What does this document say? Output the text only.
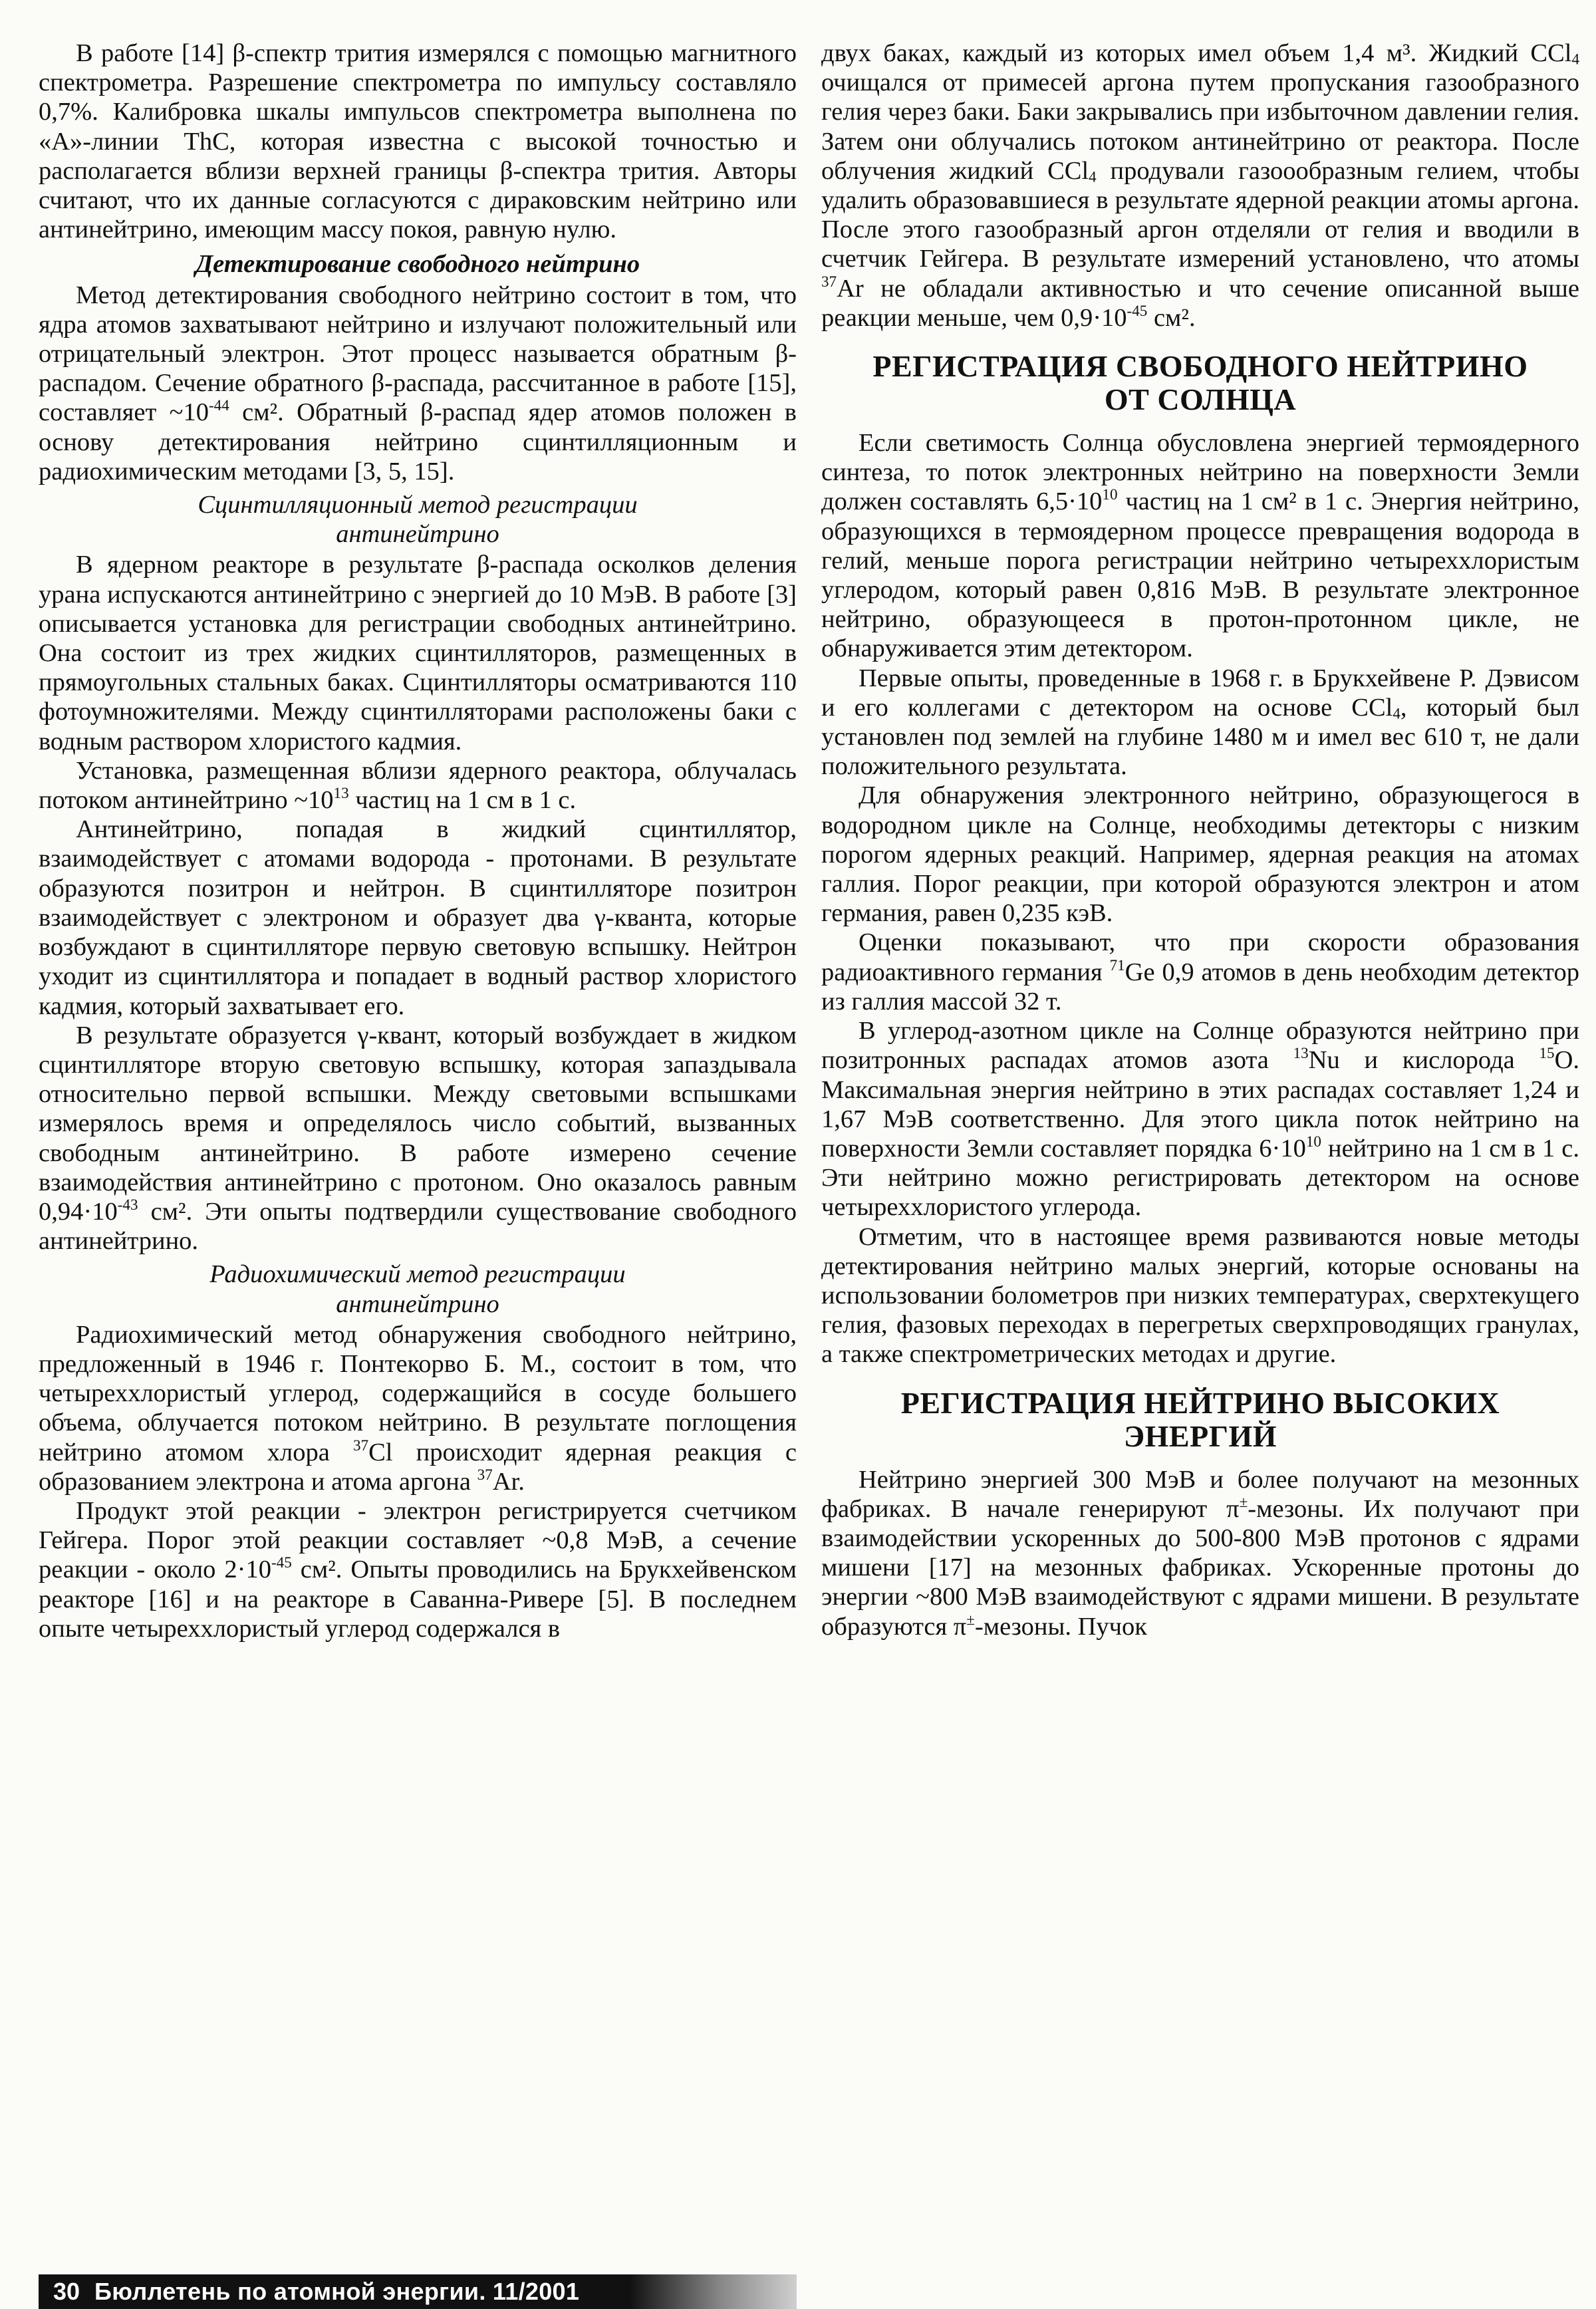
В работе [14] β-спектр трития измерялся с помощью магнитного спектрометра. Разрешение спектрометра по импульсу составляло 0,7%. Калибровка шкалы импульсов спектрометра выполнена по «А»-линии ThC, которая известна с высокой точностью и располагается вблизи верхней границы β-спектра трития. Авторы считают, что их данные согласуются с дираковским нейтрино или антинейтрино, имеющим массу покоя, равную нулю.

Детектирование свободного нейтрино

Метод детектирования свободного нейтрино состоит в том, что ядра атомов захватывают нейтрино и излучают положительный или отрицательный электрон. Этот процесс называется обратным β-распадом. Сечение обратного β-распада, рассчитанное в работе [15], составляет $\sim 10^{-44}$ см². Обратный β-распад ядер атомов положен в основу детектирования нейтрино сцинтилляционным и радиохимическим методами [3, 5, 15].

Сцинтилляционный метод регистрации
антинейтрино

В ядерном реакторе в результате β-распада осколков деления урана испускаются антинейтрино с энергией до 10 МэВ. В работе [3] описывается установка для регистрации свободных антинейтрино. Она состоит из трех жидких сцинтилляторов, размещенных в прямоугольных стальных баках. Сцинтилляторы осматриваются 110 фотоумножителями. Между сцинтилляторами расположены баки с водным раствором хлористого кадмия.

Установка, размещенная вблизи ядерного реактора, облучалась потоком антинейтрино $\sim 10^{13}$ частиц на 1 см в 1 с.

Антинейтрино, попадая в жидкий сцинтиллятор, взаимодействует с атомами водорода - протонами. В результате образуются позитрон и нейтрон. В сцинтилляторе позитрон взаимодействует с электроном и образует два γ-кванта, которые возбуждают в сцинтилляторе первую световую вспышку. Нейтрон уходит из сцинтиллятора и попадает в водный раствор хлористого кадмия, который захватывает его.

В результате образуется γ-квант, который возбуждает в жидком сцинтилляторе вторую световую вспышку, которая запаздывала относительно первой вспышки. Между световыми вспышками измерялось время и определялось число событий, вызванных свободным антинейтрино. В работе измерено сечение взаимодействия антинейтрино с протоном. Оно оказалось равным $0,94\cdot 10^{-43}$ см². Эти опыты подтвердили существование свободного антинейтрино.

Радиохимический метод регистрации
антинейтрино

Радиохимический метод обнаружения свободного нейтрино, предложенный в 1946 г. Понтекорво Б. М., состоит в том, что четыреххлористый углерод, содержащийся в сосуде большего объема, облучается потоком нейтрино. В результате поглощения нейтрино атомом хлора $^{37}$Cl происходит ядерная реакция с образованием электрона и атома аргона $^{37}$Ar.

Продукт этой реакции - электрон регистрируется счетчиком Гейгера. Порог этой реакции составляет ~0,8 МэВ, а сечение реакции - около $2\cdot 10^{-45}$ см². Опыты проводились на Брукхейвенском реакторе [16] и на реакторе в Саванна-Ривере [5]. В последнем опыте четыреххлористый углерод содержался в

двух баках, каждый из которых имел объем 1,4 м³. Жидкий CCl$_4$ очищался от примесей аргона путем пропускания газообразного гелия через баки. Баки закрывались при избыточном давлении гелия. Затем они облучались потоком антинейтрино от реактора. После облучения жидкий CCl$_4$ продували газоообразным гелием, чтобы удалить образовавшиеся в результате ядерной реакции атомы аргона. После этого газообразный аргон отделяли от гелия и вводили в счетчик Гейгера. В результате измерений установлено, что атомы $^{37}$Ar не обладали активностью и что сечение описанной выше реакции меньше, чем $0,9\cdot 10^{-45}$ см².

РЕГИСТРАЦИЯ СВОБОДНОГО НЕЙТРИНО
ОТ СОЛНЦА

Если светимость Солнца обусловлена энергией термоядерного синтеза, то поток электронных нейтрино на поверхности Земли должен составлять $6,5\cdot 10^{10}$ частиц на 1 см² в 1 с. Энергия нейтрино, образующихся в термоядерном процессе превращения водорода в гелий, меньше порога регистрации нейтрино четыреххлористым углеродом, который равен 0,816 МэВ. В результате электронное нейтрино, образующееся в протон-протонном цикле, не обнаруживается этим детектором.

Первые опыты, проведенные в 1968 г. в Брукхейвене Р. Дэвисом и его коллегами с детектором на основе CCl$_4$, который был установлен под землей на глубине 1480 м и имел вес 610 т, не дали положительного результата.

Для обнаружения электронного нейтрино, образующегося в водородном цикле на Солнце, необходимы детекторы с низким порогом ядерных реакций. Например, ядерная реакция на атомах галлия. Порог реакции, при которой образуются электрон и атом германия, равен 0,235 кэВ.

Оценки показывают, что при скорости образования радиоактивного германия $^{71}$Ge 0,9 атомов в день необходим детектор из галлия массой 32 т.

В углерод-азотном цикле на Солнце образуются нейтрино при позитронных распадах атомов азота $^{13}$Nu и кислорода $^{15}$O. Максимальная энергия нейтрино в этих распадах составляет 1,24 и 1,67 МэВ соответственно. Для этого цикла поток нейтрино на поверхности Земли составляет порядка $6\cdot 10^{10}$ нейтрино на 1 см в 1 с. Эти нейтрино можно регистрировать детектором на основе четыреххлористого углерода.

Отметим, что в настоящее время развиваются новые методы детектирования нейтрино малых энергий, которые основаны на использовании болометров при низких температурах, сверхтекущего гелия, фазовых переходах в перегретых сверхпроводящих гранулах, а также спектрометрических методах и другие.

РЕГИСТРАЦИЯ НЕЙТРИНО ВЫСОКИХ
ЭНЕРГИЙ

Нейтрино энергией 300 МэВ и более получают на мезонных фабриках. В начале генерируют π±-мезоны. Их получают при взаимодействии ускоренных до 500-800 МэВ протонов с ядрами мишени [17] на мезонных фабриках. Ускоренные протоны до энергии ~800 МэВ взаимодействуют с ядрами мишени. В результате образуются π±-мезоны. Пучок

30 Бюллетень по атомной энергии. 11/2001
